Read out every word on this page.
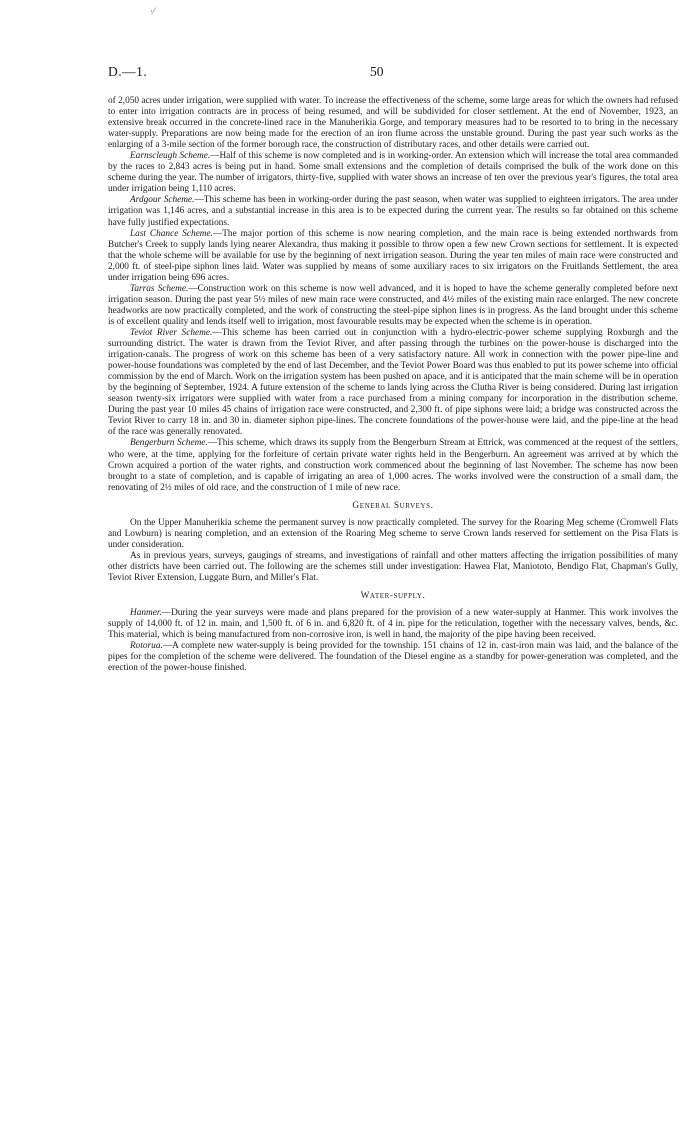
·⁄
D.—1.	50

of 2,050 acres under irrigation, were supplied with water. To increase the effectiveness of the scheme, some large areas for which the owners had refused to enter into irrigation contracts are in process of being resumed, and will be subdivided for closer settlement. At the end of November, 1923, an extensive break occurred in the concrete-lined race in the Manuherikia Gorge, and temporary measures had to be resorted to to bring in the necessary water-supply. Preparations are now being made for the erection of an iron flume across the unstable ground. During the past year such works as the enlarging of a 3-mile section of the former borough race, the construction of distributary races, and other details were carried out.

Earnscleugh Scheme.—Half of this scheme is now completed and is in working-order. An extension which will increase the total area commanded by the races to 2,843 acres is being put in hand. Some small extensions and the completion of details comprised the bulk of the work done on this scheme during the year. The number of irrigators, thirty-five, supplied with water shows an increase of ten over the previous year's figures, the total area under irrigation being 1,110 acres.

Ardgour Scheme.—This scheme has been in working-order during the past season, when water was supplied to eighteen irrigators. The area under irrigation was 1,146 acres, and a substantial increase in this area is to be expected during the current year. The results so far obtained on this scheme have fully justified expectations.

Last Chance Scheme.—The major portion of this scheme is now nearing completion, and the main race is being extended northwards from Butcher's Creek to supply lands lying nearer Alexandra, thus making it possible to throw open a few new Crown sections for settlement. It is expected that the whole scheme will be available for use by the beginning of next irrigation season. During the year ten miles of main race were constructed and 2,000 ft. of steel-pipe siphon lines laid. Water was supplied by means of some auxiliary races to six irrigators on the Fruitlands Settlement, the area under irrigation being 696 acres.

Tarras Scheme.—Construction work on this scheme is now well advanced, and it is hoped to have the scheme generally completed before next irrigation season. During the past year 5½ miles of new main race were constructed, and 4½ miles of the existing main race enlarged. The new concrete headworks are now practically completed, and the work of constructing the steel-pipe siphon lines is in progress. As the land brought under this scheme is of excellent quality and lends itself well to irrigation, most favourable results may be expected when the scheme is in operation.

Teviot River Scheme.—This scheme has been carried out in conjunction with a hydro-electric-power scheme supplying Roxburgh and the surrounding district. The water is drawn from the Teviot River, and after passing through the turbines on the power-house is discharged into the irrigation-canals. The progress of work on this scheme has been of a very satisfactory nature. All work in connection with the power pipe-line and power-house foundations was completed by the end of last December, and the Teviot Power Board was thus enabled to put its power scheme into official commission by the end of March. Work on the irrigation system has been pushed on apace, and it is anticipated that the main scheme will be in operation by the beginning of September, 1924. A future extension of the scheme to lands lying across the Clutha River is being considered. During last irrigation season twenty-six irrigators were supplied with water from a race purchased from a mining company for incorporation in the distribution scheme. During the past year 10 miles 45 chains of irrigation race were constructed, and 2,300 ft. of pipe siphons were laid; a bridge was constructed across the Teviot River to carry 18 in. and 30 in. diameter siphon pipe-lines. The concrete foundations of the power-house were laid, and the pipe-line at the head of the race was generally renovated.

Bengerburn Scheme.—This scheme, which draws its supply from the Bengerburn Stream at Ettrick, was commenced at the request of the settlers, who were, at the time, applying for the forfeiture of certain private water rights held in the Bengerburn. An agreement was arrived at by which the Crown acquired a portion of the water rights, and construction work commenced about the beginning of last November. The scheme has now been brought to a state of completion, and is capable of irrigating an area of 1,000 acres. The works involved were the construction of a small dam, the renovating of 2½ miles of old race, and the construction of 1 mile of new race.

General Surveys.

On the Upper Manuherikia scheme the permanent survey is now practically completed. The survey for the Roaring Meg scheme (Cromwell Flats and Lowburn) is nearing completion, and an extension of the Roaring Meg scheme to serve Crown lands reserved for settlement on the Pisa Flats is under consideration.

As in previous years, surveys, gaugings of streams, and investigations of rainfall and other matters affecting the irrigation possibilities of many other districts have been carried out. The following are the schemes still under investigation: Hawea Flat, Maniototo, Bendigo Flat, Chapman's Gully, Teviot River Extension, Luggate Burn, and Miller's Flat.

Water-supply.

Hanmer.—During the year surveys were made and plans prepared for the provision of a new water-supply at Hanmer. This work involves the supply of 14,000 ft. of 12 in. main, and 1,500 ft. of 6 in. and 6,820 ft. of 4 in. pipe for the reticulation, together with the necessary valves, bends, &c. This material, which is being manufactured from non-corrosive iron, is well in hand, the majority of the pipe having been received.

Rotorua.—A complete new water-supply is being provided for the township. 151 chains of 12 in. cast-iron main was laid, and the balance of the pipes for the completion of the scheme were delivered. The foundation of the Diesel engine as a standby for power-generation was completed, and the erection of the power-house finished.
